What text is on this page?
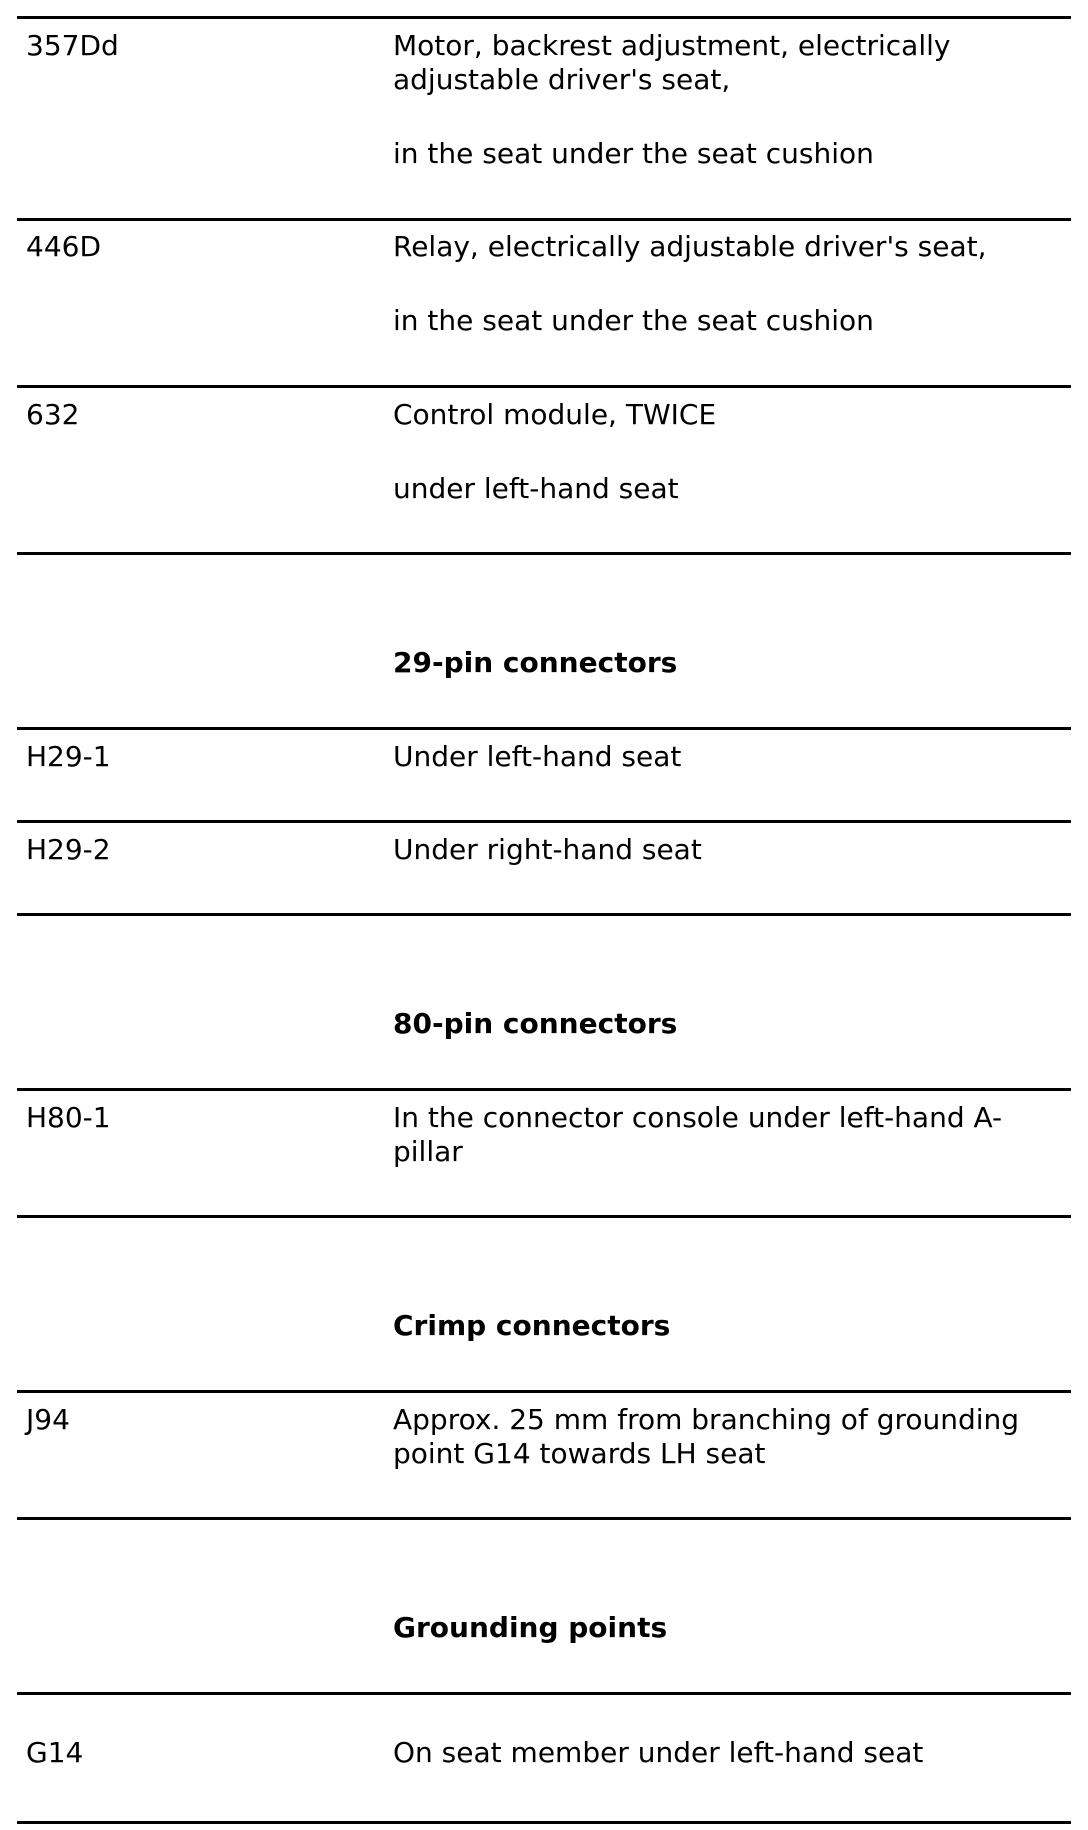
357Dd	Motor, backrest adjustment, electrically
adjustable driver's seat,
in the seat under the seat cushion
446D	Relay, electrically adjustable driver's seat,
in the seat under the seat cushion
632	Control module, TWICE
under left-hand seat
29-pin connectors
H29-1	Under left-hand seat
H29-2	Under right-hand seat
80-pin connectors
H80-1	In the connector console under left-hand A-
pillar
Crimp connectors
J94	Approx. 25 mm from branching of grounding
point G14 towards LH seat
Grounding points
G14	On seat member under left-hand seat
